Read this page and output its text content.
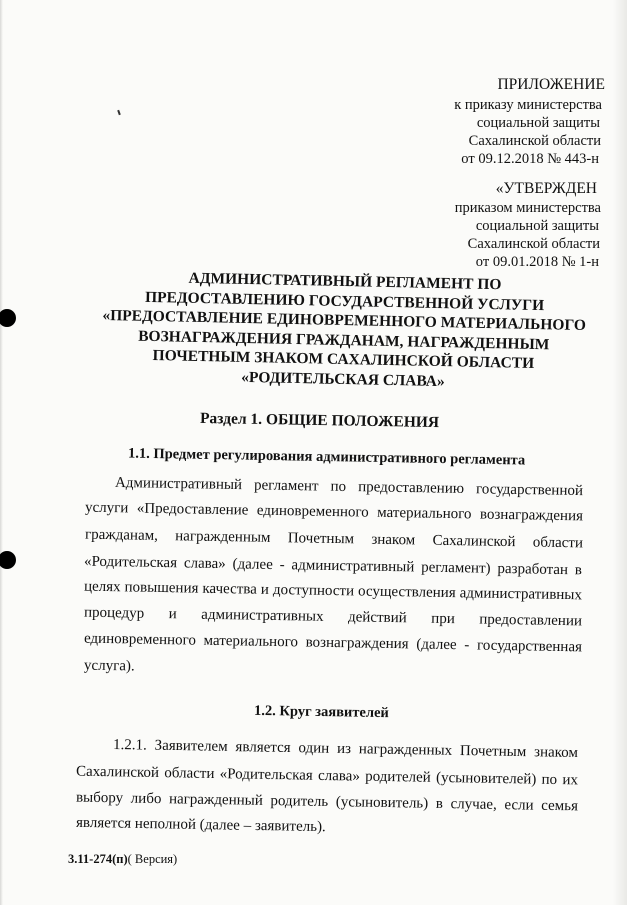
ПРИЛОЖЕНИЕ
к приказу министерства
социальной защиты
Сахалинской области
от 09.12.2018 № 443-н
«УТВЕРЖДЕН
приказом министерства
социальной защиты
Сахалинской области
от 09.01.2018 № 1-н
АДМИНИСТРАТИВНЫЙ РЕГЛАМЕНТ ПО
ПРЕДОСТАВЛЕНИЮ ГОСУДАРСТВЕННОЙ УСЛУГИ
«ПРЕДОСТАВЛЕНИЕ ЕДИНОВРЕМЕННОГО МАТЕРИАЛЬНОГО
ВОЗНАГРАЖДЕНИЯ ГРАЖДАНАМ, НАГРАЖДЕННЫМ
ПОЧЕТНЫМ ЗНАКОМ САХАЛИНСКОЙ ОБЛАСТИ
«РОДИТЕЛЬСКАЯ СЛАВА»
Раздел 1. ОБЩИЕ ПОЛОЖЕНИЯ
1.1. Предмет регулирования административного регламента
Административный регламент по предоставлению государственной
услуги «Предоставление единовременного материального вознаграждения
гражданам, награжденным Почетным знаком Сахалинской области
«Родительская слава» (далее - административный регламент) разработан в
целях повышения качества и доступности осуществления административных
процедур и административных действий при предоставлении
единовременного материального вознаграждения (далее - государственная
услуга).
1.2. Круг заявителей
1.2.1. Заявителем является один из награжденных Почетным знаком
Сахалинской области «Родительская слава» родителей (усыновителей) по их
выбору либо награжденный родитель (усыновитель) в случае, если семья
является неполной (далее – заявитель).
3.11-274(п)( Версия)
